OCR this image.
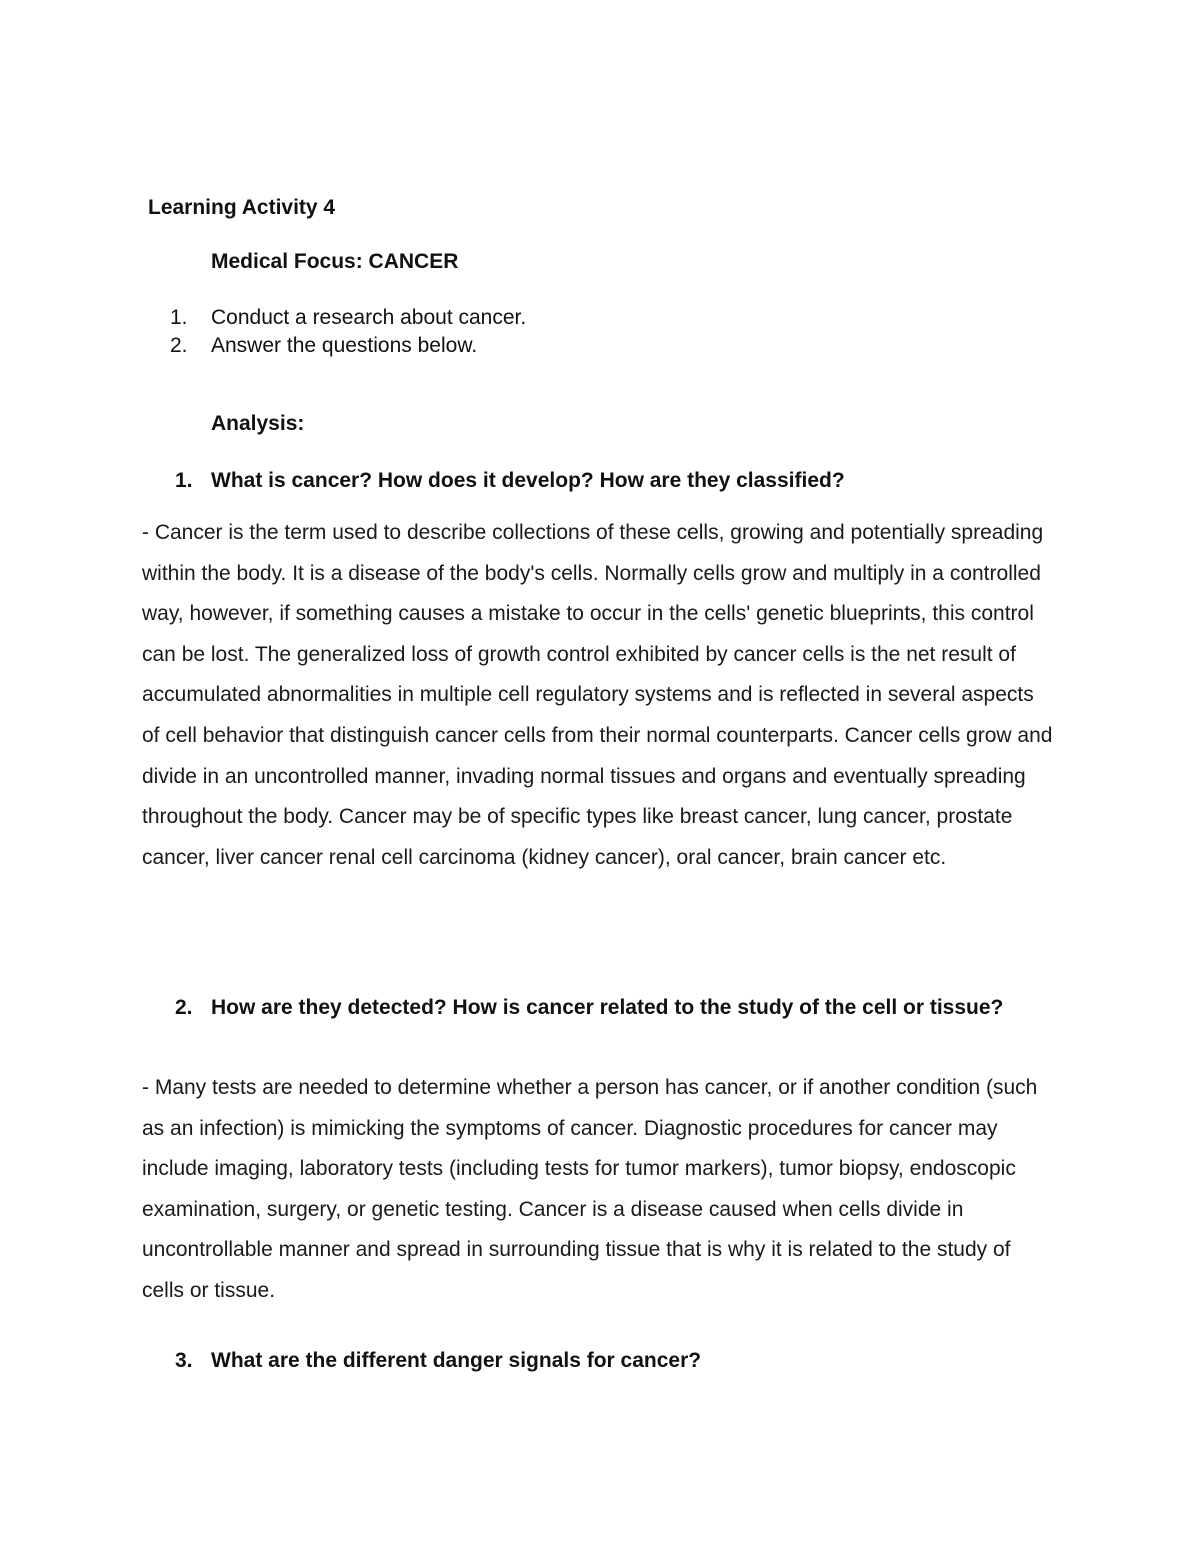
Learning Activity 4
Medical Focus: CANCER
1.	Conduct a research about cancer.
2.	Answer the questions below.
Analysis:
1. What is cancer? How does it develop? How are they classified?

- Cancer is the term used to describe collections of these cells, growing and potentially spreading within the body. It is a disease of the body's cells. Normally cells grow and multiply in a controlled way, however, if something causes a mistake to occur in the cells' genetic blueprints, this control can be lost. The generalized loss of growth control exhibited by cancer cells is the net result of accumulated abnormalities in multiple cell regulatory systems and is reflected in several aspects of cell behavior that distinguish cancer cells from their normal counterparts. Cancer cells grow and divide in an uncontrolled manner, invading normal tissues and organs and eventually spreading throughout the body. Cancer may be of specific types like breast cancer, lung cancer, prostate cancer, liver cancer renal cell carcinoma (kidney cancer), oral cancer, brain cancer etc.

2. How are they detected? How is cancer related to the study of the cell or tissue?

- Many tests are needed to determine whether a person has cancer, or if another condition (such as an infection) is mimicking the symptoms of cancer. Diagnostic procedures for cancer may include imaging, laboratory tests (including tests for tumor markers), tumor biopsy, endoscopic examination, surgery, or genetic testing. Cancer is a disease caused when cells divide in uncontrollable manner and spread in surrounding tissue that is why it is related to the study of cells or tissue.

3. What are the different danger signals for cancer?
